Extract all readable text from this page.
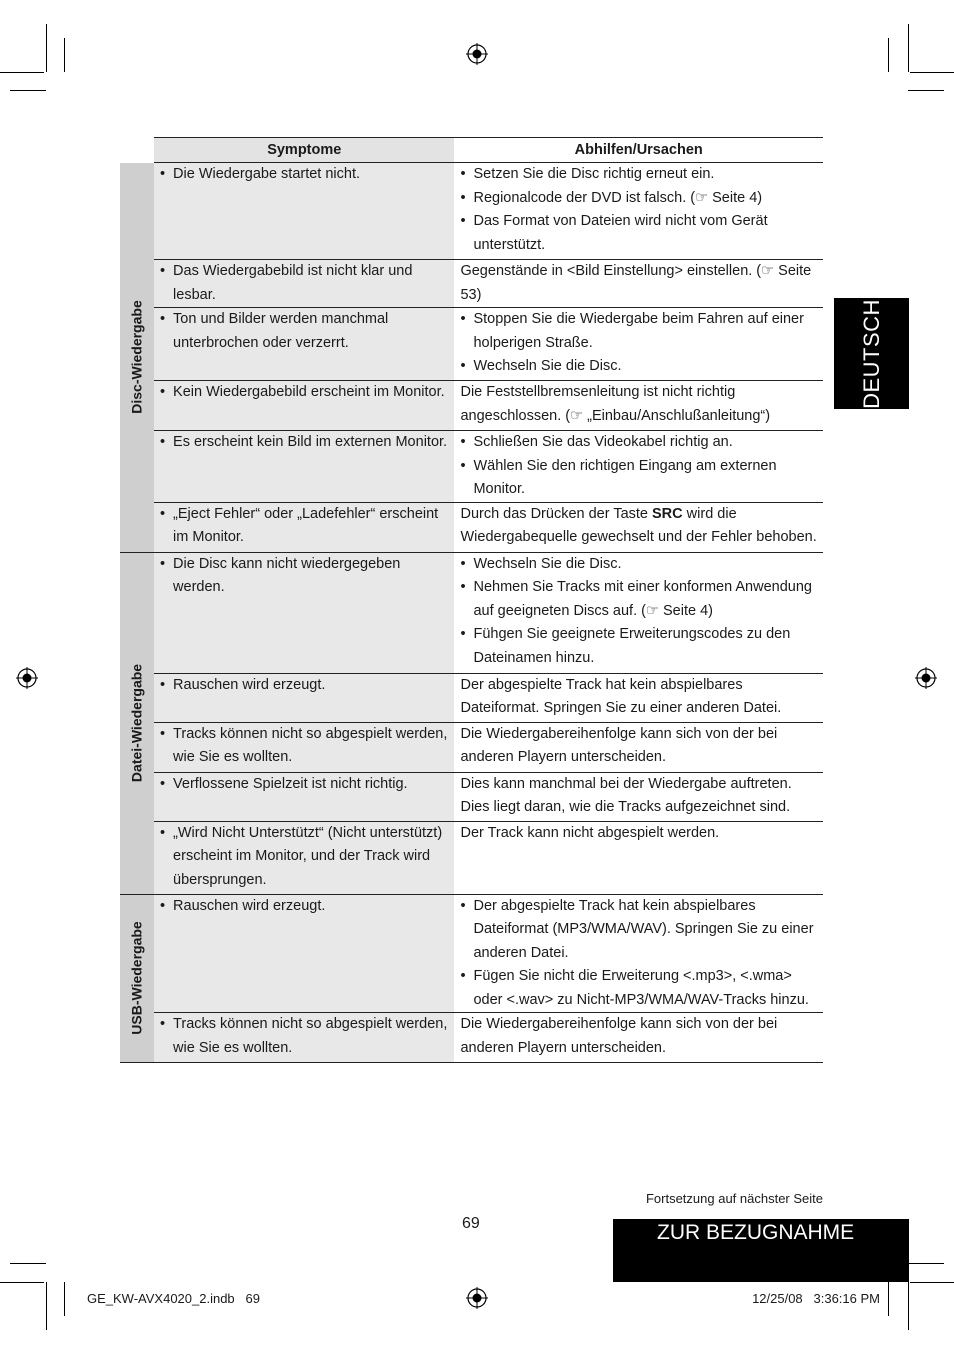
	Symptome	Abhilfen/Ursachen

Disc-Wiedergabe	• Die Wiedergabe startet nicht.	• Setzen Sie die Disc richtig erneut ein.
• Regionalcode der DVD ist falsch. (☞ Seite 4)
• Das Format von Dateien wird nicht vom Gerät unterstützt.

	• Das Wiedergabebild ist nicht klar und lesbar.	Gegenstände in <Bild Einstellung> einstellen. (☞ Seite 53)

	• Ton und Bilder werden manchmal unterbrochen oder verzerrt.	• Stoppen Sie die Wiedergabe beim Fahren auf einer holperigen Straße.
• Wechseln Sie die Disc.

	• Kein Wiedergabebild erscheint im Monitor.	Die Feststellbremsenleitung ist nicht richtig angeschlossen. (☞ „Einbau/Anschlußanleitung“)

	• Es erscheint kein Bild im externen Monitor.	• Schließen Sie das Videokabel richtig an.
• Wählen Sie den richtigen Eingang am externen Monitor.

	• „Eject Fehler“ oder „Ladefehler“ erscheint im Monitor.	Durch das Drücken der Taste SRC wird die Wiedergabequelle gewechselt und der Fehler behoben.

Datei-Wiedergabe	• Die Disc kann nicht wiedergegeben werden.	• Wechseln Sie die Disc.
• Nehmen Sie Tracks mit einer konformen Anwendung auf geeigneten Discs auf. (☞ Seite 4)
• Fühgen Sie geeignete Erweiterungscodes zu den Dateinamen hinzu.

	• Rauschen wird erzeugt.	Der abgespielte Track hat kein abspielbares Dateiformat. Springen Sie zu einer anderen Datei.

	• Tracks können nicht so abgespielt werden, wie Sie es wollten.	Die Wiedergabereihenfolge kann sich von der bei anderen Playern unterscheiden.

	• Verflossene Spielzeit ist nicht richtig.	Dies kann manchmal bei der Wiedergabe auftreten. Dies liegt daran, wie die Tracks aufgezeichnet sind.

	• „Wird Nicht Unterstützt“ (Nicht unterstützt) erscheint im Monitor, und der Track wird übersprungen.	Der Track kann nicht abgespielt werden.

USB-Wiedergabe	• Rauschen wird erzeugt.	• Der abgespielte Track hat kein abspielbares Dateiformat (MP3/WMA/WAV). Springen Sie zu einer anderen Datei.
• Fügen Sie nicht die Erweiterung <.mp3>, <.wma> oder <.wav> zu Nicht-MP3/WMA/WAV-Tracks hinzu.

	• Tracks können nicht so abgespielt werden, wie Sie es wollten.	Die Wiedergabereihenfolge kann sich von der bei anderen Playern unterscheiden.
DEUTSCH
Fortsetzung auf nächster Seite
69	ZUR BEZUGNAHME
GE_KW-AVX4020_2.indb   69	12/25/08   3:36:16 PM
